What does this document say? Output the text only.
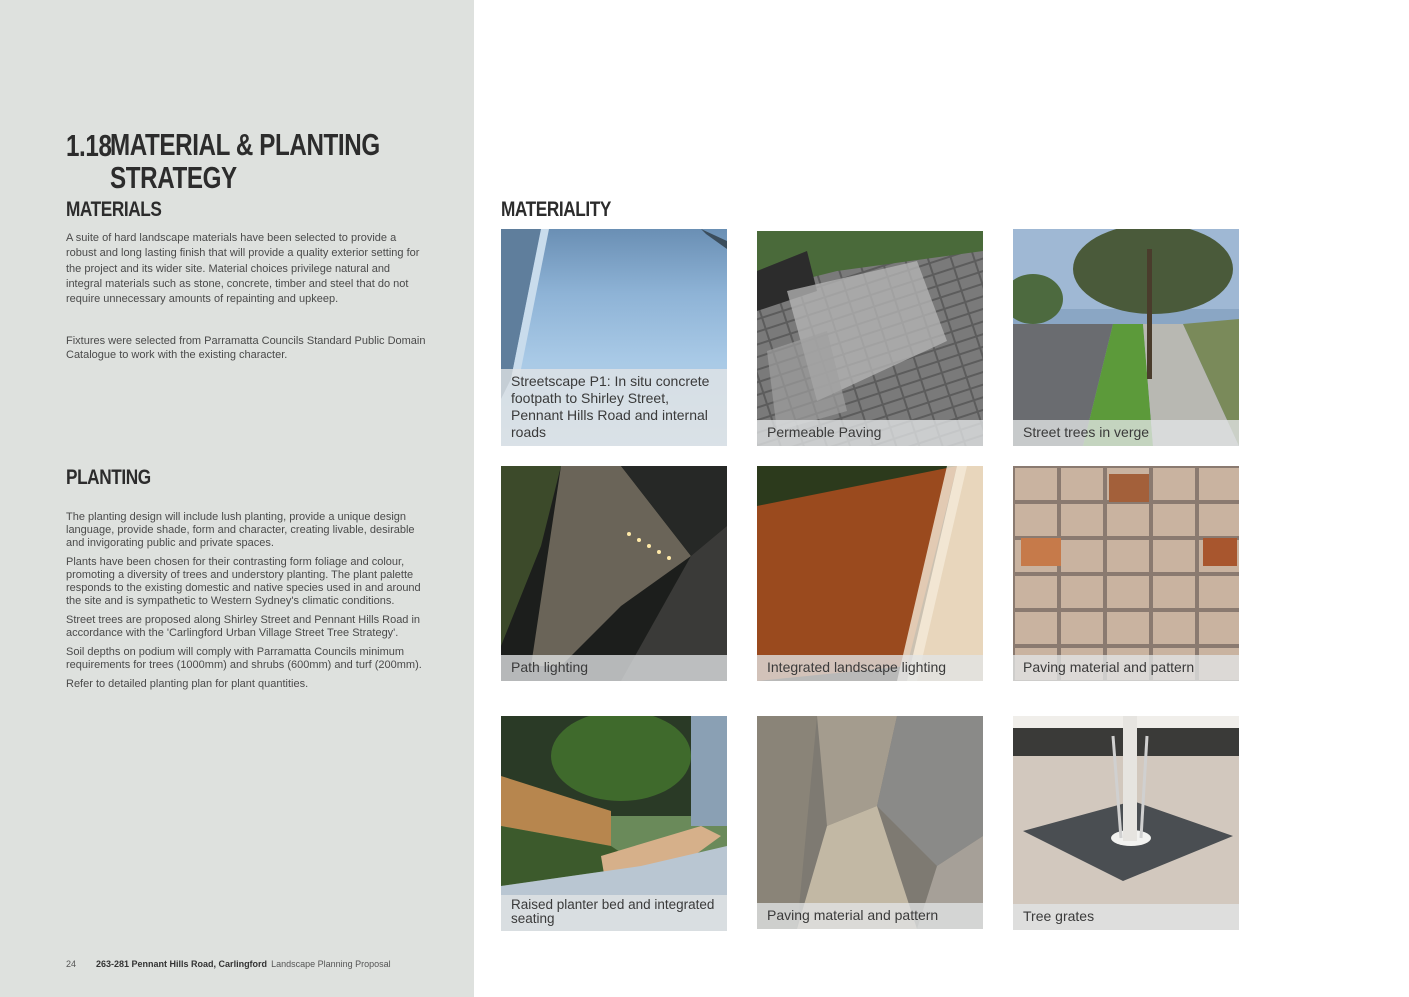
1.18
MATERIAL & PLANTING
STRATEGY
MATERIALS

A suite of hard landscape materials have been selected to provide a robust and long lasting finish that will provide a quality exterior setting for the project and its wider site. Material choices privilege natural and integral materials such as stone, concrete, timber and steel that do not require unnecessary amounts of repainting and upkeep.

Fixtures were selected from Parramatta Councils Standard Public Domain Catalogue to work with the existing character.

PLANTING

The planting design will include lush planting, provide a unique design language, provide shade, form and character, creating livable, desirable and invigorating public and private spaces.

Plants have been chosen for their contrasting form foliage and colour, promoting a diversity of trees and understory planting. The plant palette responds to the existing domestic and native species used in and around the site and is sympathetic to Western Sydney's climatic conditions.

Street trees are proposed along Shirley Street and Pennant Hills Road in accordance with the 'Carlingford Urban Village Street Tree Strategy'.

Soil depths on podium will comply with Parramatta Councils minimum requirements for trees (1000mm) and shrubs (600mm) and turf (200mm).

Refer to detailed planting plan for plant quantities.

24 263-281 Pennant Hills Road, Carlingford Landscape Planning Proposal
MATERIALITY
Streetscape P1: In situ concrete footpath to Shirley Street, Pennant Hills Road and internal roads	Permeable Paving	Street trees in verge
Path lighting	Integrated landscape lighting	Paving material and pattern
Raised planter bed and integrated seating	Paving material and pattern	Tree grates
